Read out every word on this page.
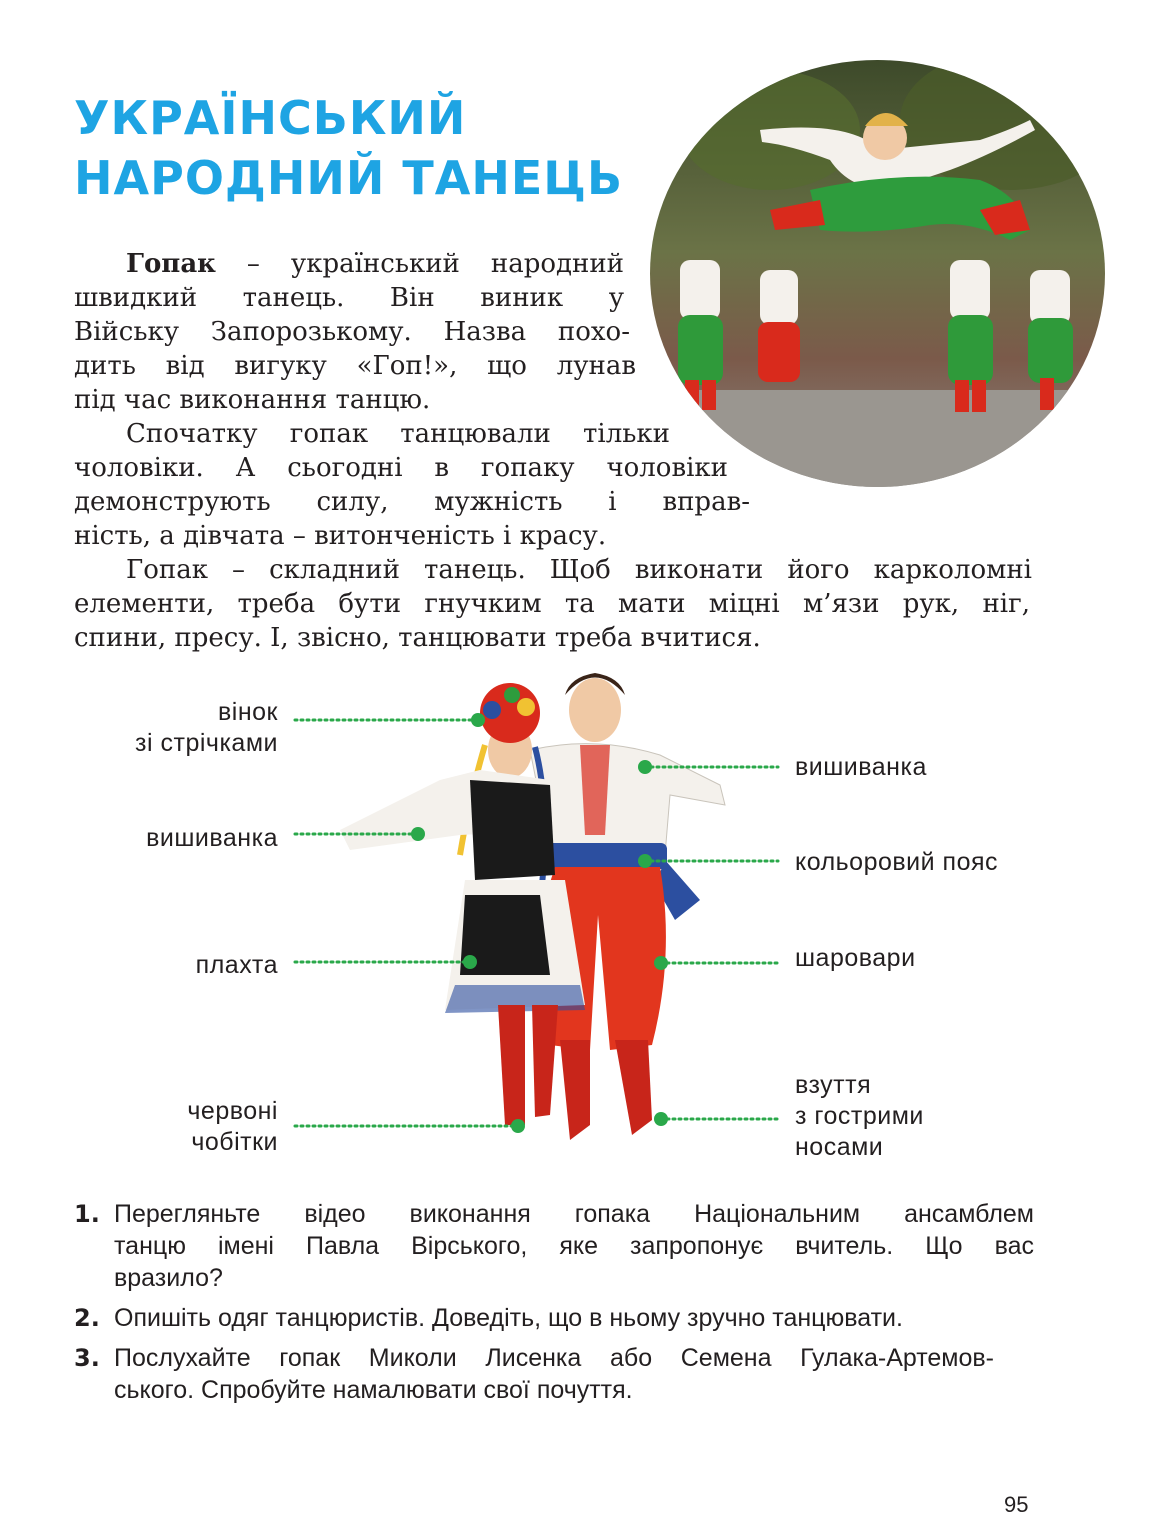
УКРАЇНСЬКИЙ
НАРОДНИЙ ТАНЕЦЬ
Гопак – український народний
швидкий танець. Він виник у
Війську Запорозькому. Назва похо-
дить від вигуку «Гоп!», що лунав
під час виконання танцю.
Спочатку гопак танцювали тільки
чоловіки. А сьогодні в гопаку чоловіки
демонструють силу, мужність і вправ-
ність, а дівчата – витонченість і красу.
Гопак – складний танець. Щоб виконати його карколомні
елементи, треба бути гнучким та мати міцні м’язи рук, ніг,
спини, пресу. І, звісно, танцювати треба вчитися.
вінок
зі стрічками
вишиванка
плахта
червоні
чобітки
вишиванка
кольоровий пояс
шаровари
взуття
з гострими
носами
1. Перегляньте відео виконання гопака Національним ансамблем
танцю імені Павла Вірського, яке запропонує вчитель. Що вас
вразило?
2. Опишіть одяг танцюристів. Доведіть, що в ньому зручно танцювати.
3. Послухайте гопак Миколи Лисенка або Семена Гулака-Артемов-
ського. Спробуйте намалювати свої почуття.
95
